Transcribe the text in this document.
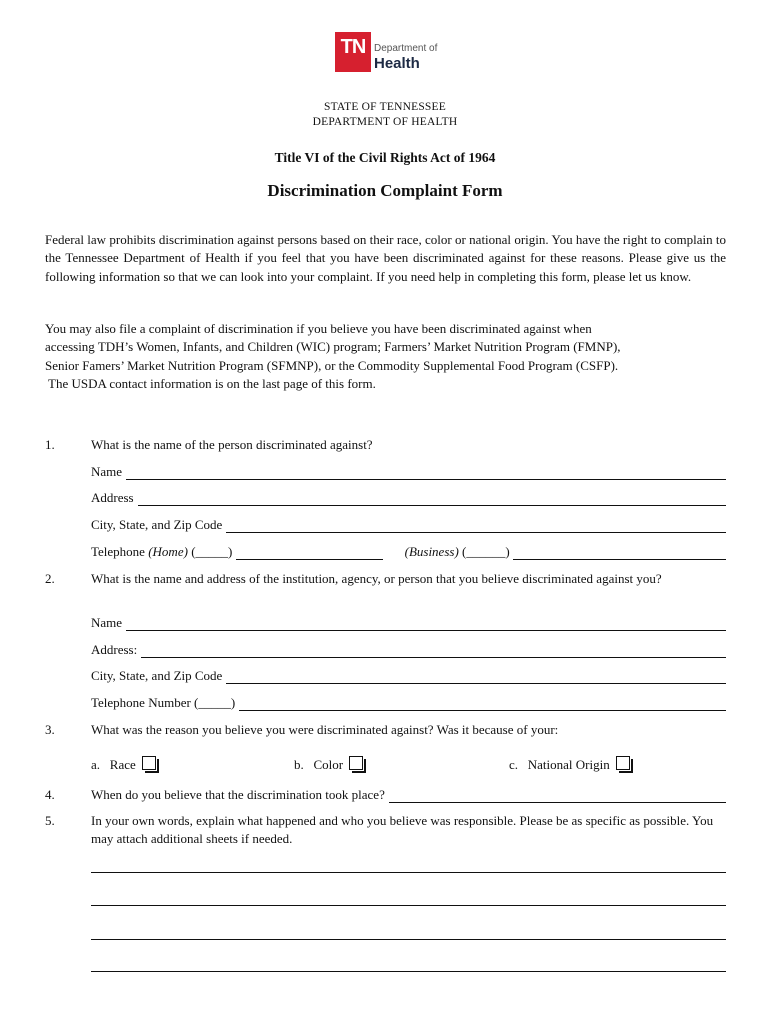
TN Department of
Health
STATE OF TENNESSEE
DEPARTMENT OF HEALTH
Title VI of the Civil Rights Act of 1964
Discrimination Complaint Form
Federal law prohibits discrimination against persons based on their race, color or national origin. You have the right to complain to the Tennessee Department of Health if you feel that you have been discriminated against for these reasons. Please give us the following information so that we can look into your complaint. If you need help in completing this form, please let us know.
You may also file a complaint of discrimination if you believe you have been discriminated against when
accessing TDH’s Women, Infants, and Children (WIC) program; Farmers’ Market Nutrition Program (FMNP),
Senior Famers’ Market Nutrition Program (SFMNP), or the Commodity Supplemental Food Program (CSFP).
The USDA contact information is on the last page of this form.
1.	What is the name of the person discriminated against?
Name
Address
City, State, and Zip Code
Telephone (Home) (_____)	(Business) (______)
2.	What is the name and address of the institution, agency, or person that you believe discriminated against you?
Name
Address:
City, State, and Zip Code
Telephone Number (_____)
3.	What was the reason you believe you were discriminated against? Was it because of your:
a.   Race	b.   Color	c.   National Origin
4.	When do you believe that the discrimination took place?
5.	In your own words, explain what happened and who you believe was responsible. Please be as specific as possible. You may attach additional sheets if needed.
